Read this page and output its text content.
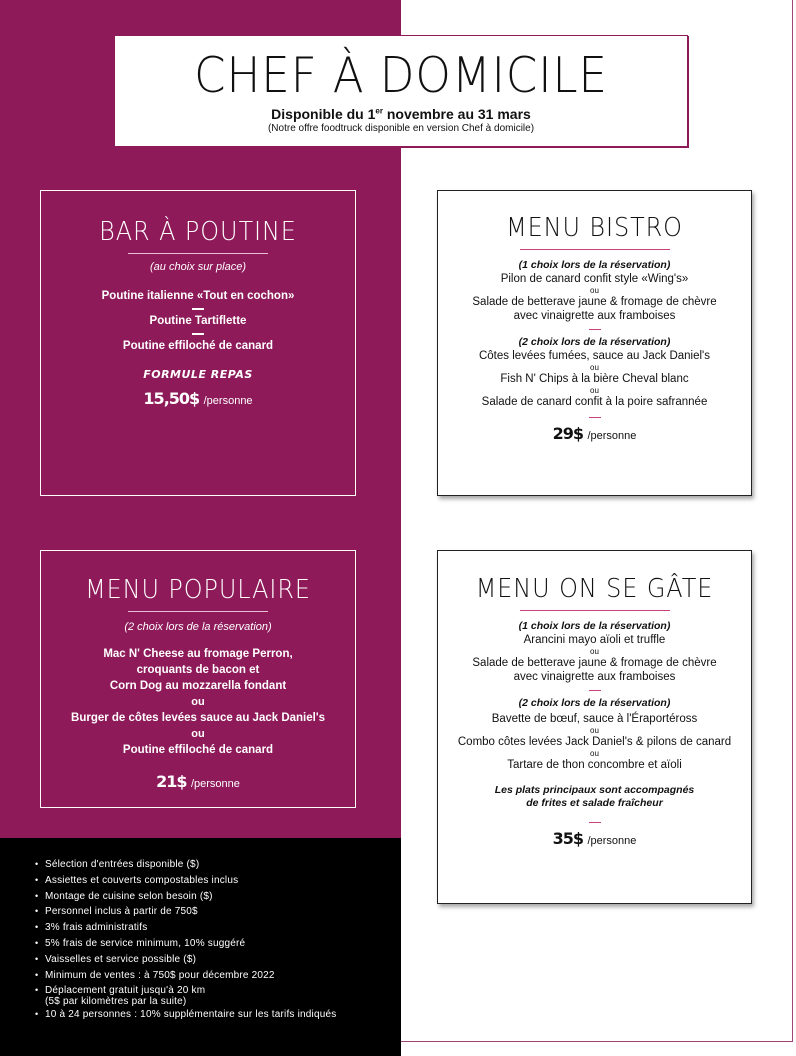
CHEF À DOMICILE
Disponible du 1er novembre au 31 mars
(Notre offre foodtruck disponible en version Chef à domicile)
BAR À POUTINE
(au choix sur place)
Poutine italienne «Tout en cochon»
Poutine Tartiflette
Poutine effiloché de canard
FORMULE REPAS
15,50$ /personne
MENU BISTRO
(1 choix lors de la réservation)
Pilon de canard confit style «Wing's»
ou
Salade de betterave jaune & fromage de chèvre
avec vinaigrette aux framboises
(2 choix lors de la réservation)
Côtes levées fumées, sauce au Jack Daniel's
ou
Fish N' Chips à la bière Cheval blanc
ou
Salade de canard confit à la poire safrannée
29$ /personne
MENU POPULAIRE
(2 choix lors de la réservation)
Mac N' Cheese au fromage Perron,
croquants de bacon et
Corn Dog au mozzarella fondant
ou
Burger de côtes levées sauce au Jack Daniel's
ou
Poutine effiloché de canard
21$ /personne
MENU ON SE GÂTE
(1 choix lors de la réservation)
Arancini mayo aïoli et truffle
ou
Salade de betterave jaune & fromage de chèvre
avec vinaigrette aux framboises
(2 choix lors de la réservation)
Bavette de bœuf, sauce à l'Éraportéross
ou
Combo côtes levées Jack Daniel's & pilons de canard
ou
Tartare de thon concombre et aïoli
Les plats principaux sont accompagnés
de frites et salade fraîcheur
35$ /personne
• Sélection d'entrées disponible ($)
• Assiettes et couverts compostables inclus
• Montage de cuisine selon besoin ($)
• Personnel inclus à partir de 750$
• 3% frais administratifs
• 5% frais de service minimum, 10% suggéré
• Vaisselles et service possible ($)
• Minimum de ventes : à 750$ pour décembre 2022
• Déplacement gratuit jusqu'à 20 km
(5$ par kilomètres par la suite)
• 10 à 24 personnes : 10% supplémentaire sur les tarifs indiqués
